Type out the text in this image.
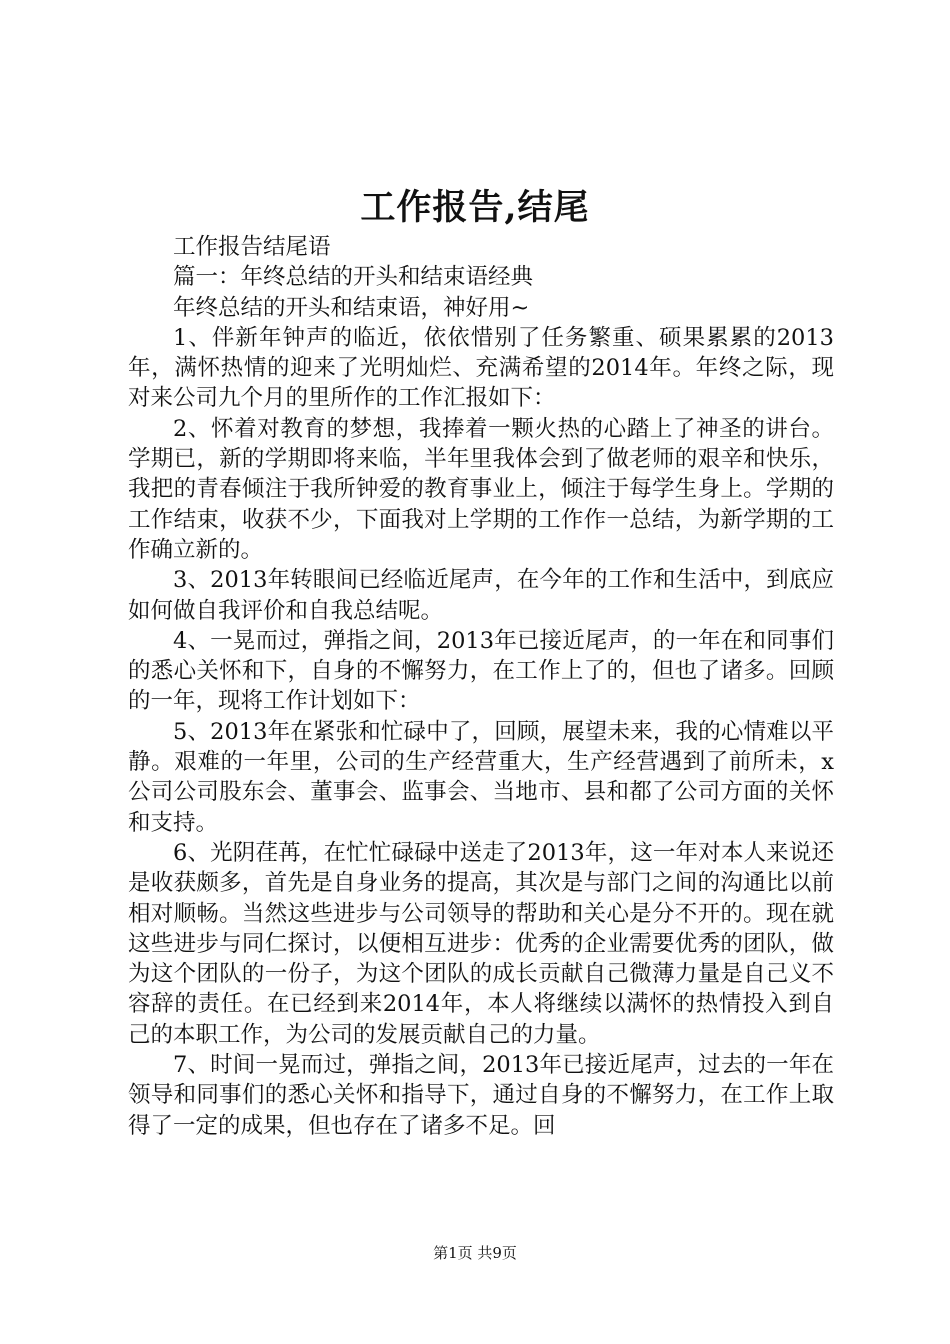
工作报告,结尾

工作报告结尾语

篇一：年终总结的开头和结束语经典

年终总结的开头和结束语，神好用~

1、伴新年钟声的临近，依依惜别了任务繁重、硕果累累的2013年，满怀热情的迎来了光明灿烂、充满希望的2014年。年终之际，现对来公司九个月的里所作的工作汇报如下：

2、怀着对教育的梦想，我捧着一颗火热的心踏上了神圣的讲台。学期已，新的学期即将来临，半年里我体会到了做老师的艰辛和快乐，我把的青春倾注于我所钟爱的教育事业上，倾注于每学生身上。学期的工作结束，收获不少，下面我对上学期的工作作一总结，为新学期的工作确立新的。

3、2013年转眼间已经临近尾声，在今年的工作和生活中，到底应如何做自我评价和自我总结呢。

4、一晃而过，弹指之间，2013年已接近尾声，的一年在和同事们的悉心关怀和下，自身的不懈努力，在工作上了的，但也了诸多。回顾的一年，现将工作计划如下：

5、2013年在紧张和忙碌中了，回顾，展望未来，我的心情难以平静。艰难的一年里，公司的生产经营重大，生产经营遇到了前所未，x公司公司股东会、董事会、监事会、当地市、县和都了公司方面的关怀和支持。

6、光阴荏苒，在忙忙碌碌中送走了2013年，这一年对本人来说还是收获颇多，首先是自身业务的提高，其次是与部门之间的沟通比以前相对顺畅。当然这些进步与公司领导的帮助和关心是分不开的。现在就这些进步与同仁探讨，以便相互进步：优秀的企业需要优秀的团队，做为这个团队的一份子，为这个团队的成长贡献自己微薄力量是自己义不容辞的责任。在已经到来2014年，本人将继续以满怀的热情投入到自己的本职工作，为公司的发展贡献自己的力量。

7、时间一晃而过，弹指之间，2013年已接近尾声，过去的一年在领导和同事们的悉心关怀和指导下，通过自身的不懈努力，在工作上取得了一定的成果，但也存在了诸多不足。回

第1页 共9页
